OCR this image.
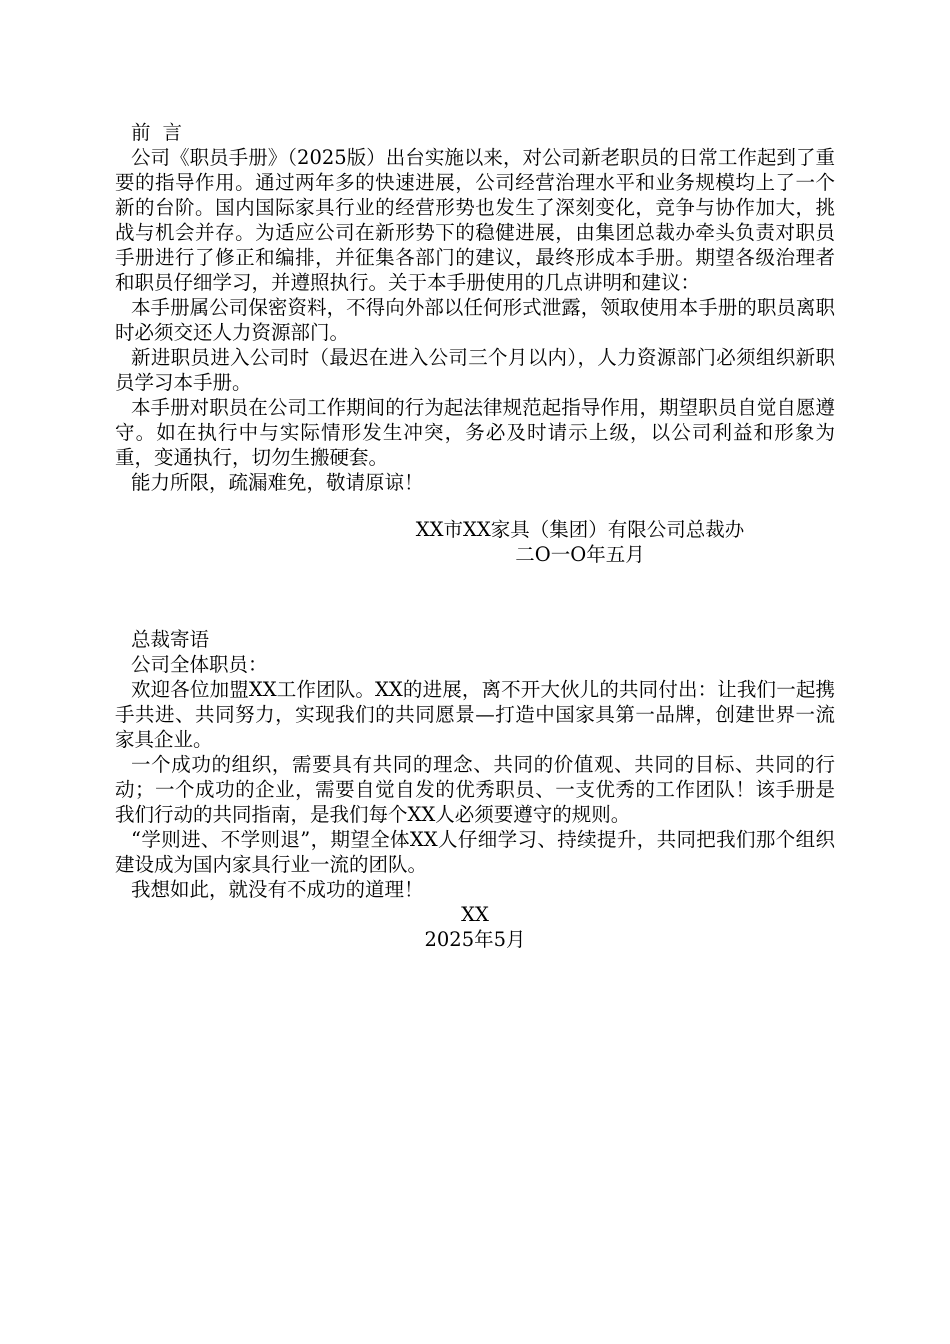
前言

公司《职员手册》（2025版）出台实施以来，对公司新老职员的日常工作起到了重要的指导作用。通过两年多的快速进展，公司经营治理水平和业务规模均上了一个新的台阶。国内国际家具行业的经营形势也发生了深刻变化，竞争与协作加大，挑战与机会并存。为适应公司在新形势下的稳健进展，由集团总裁办牵头负责对职员手册进行了修正和编排，并征集各部门的建议，最终形成本手册。期望各级治理者和职员仔细学习，并遵照执行。关于本手册使用的几点讲明和建议：

本手册属公司保密资料，不得向外部以任何形式泄露，领取使用本手册的职员离职时必须交还人力资源部门。

新进职员进入公司时（最迟在进入公司三个月以内），人力资源部门必须组织新职员学习本手册。

本手册对职员在公司工作期间的行为起法律规范起指导作用，期望职员自觉自愿遵守。如在执行中与实际情形发生冲突，务必及时请示上级，以公司利益和形象为重，变通执行，切勿生搬硬套。

能力所限，疏漏难免，敬请原谅！

XX市XX家具（集团）有限公司总裁办

二O一O年五月

总裁寄语

公司全体职员：

欢迎各位加盟XX工作团队。XX的进展，离不开大伙儿的共同付出：让我们一起携手共进、共同努力，实现我们的共同愿景—打造中国家具第一品牌，创建世界一流家具企业。

一个成功的组织，需要具有共同的理念、共同的价值观、共同的目标、共同的行动；一个成功的企业，需要自觉自发的优秀职员、一支优秀的工作团队！该手册是我们行动的共同指南，是我们每个XX人必须要遵守的规则。

“学则进、不学则退”，期望全体XX人仔细学习、持续提升，共同把我们那个组织建设成为国内家具行业一流的团队。

我想如此，就没有不成功的道理！

XX

2025年5月
